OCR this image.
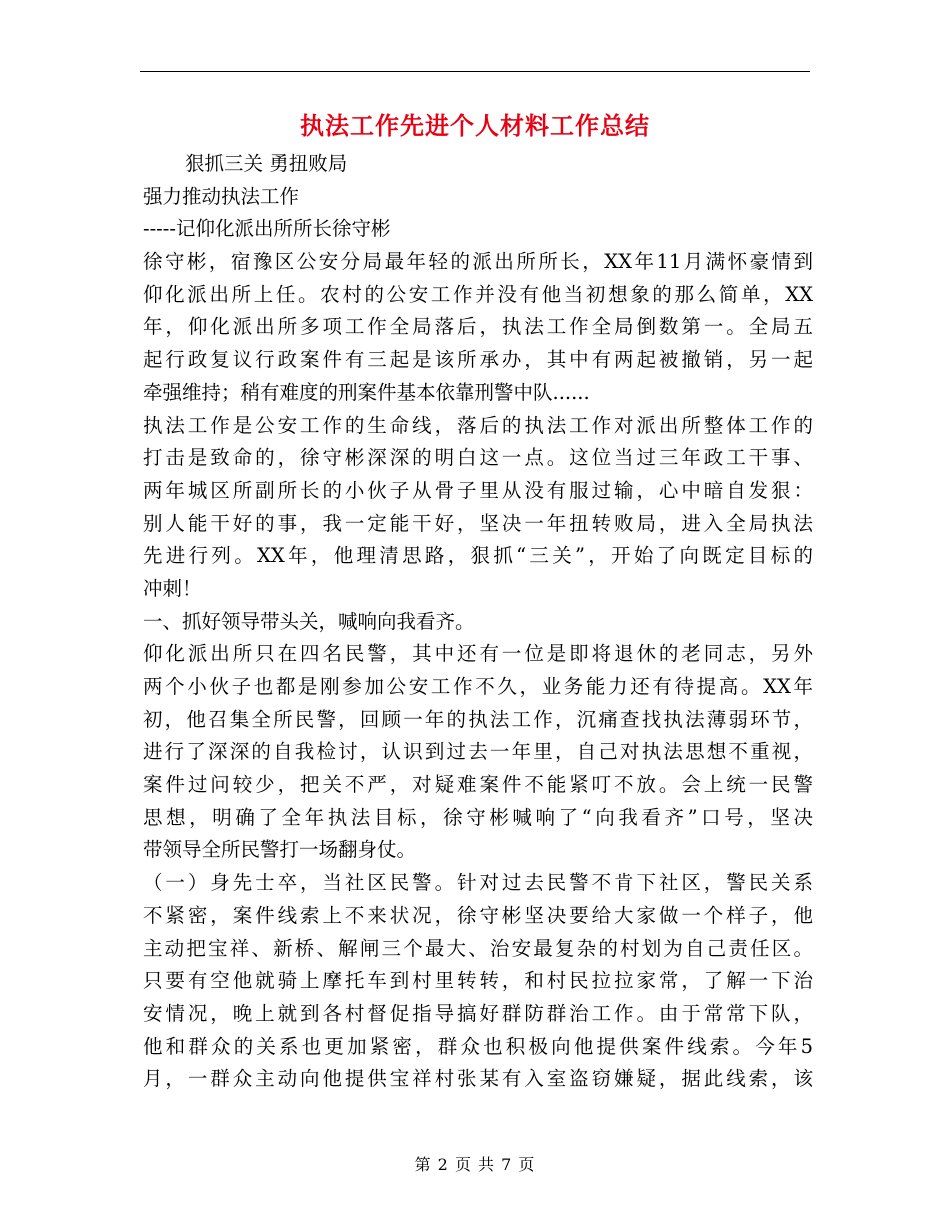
执法工作先进个人材料工作总结
狠抓三关 勇扭败局
强力推动执法工作
-----记仰化派出所所长徐守彬
徐守彬，宿豫区公安分局最年轻的派出所所长，XX年11月满怀豪情到
仰化派出所上任。农村的公安工作并没有他当初想象的那么简单，XX
年，仰化派出所多项工作全局落后，执法工作全局倒数第一。全局五
起行政复议行政案件有三起是该所承办，其中有两起被撤销，另一起
牵强维持；稍有难度的刑案件基本依靠刑警中队......
执法工作是公安工作的生命线，落后的执法工作对派出所整体工作的
打击是致命的，徐守彬深深的明白这一点。这位当过三年政工干事、
两年城区所副所长的小伙子从骨子里从没有服过输，心中暗自发狠：
别人能干好的事，我一定能干好，坚决一年扭转败局，进入全局执法
先进行列。XX年，他理清思路，狠抓“三关”，开始了向既定目标的
冲刺！
一、抓好领导带头关，喊响向我看齐。
仰化派出所只在四名民警，其中还有一位是即将退休的老同志，另外
两个小伙子也都是刚参加公安工作不久，业务能力还有待提高。XX年
初，他召集全所民警，回顾一年的执法工作，沉痛查找执法薄弱环节，
进行了深深的自我检讨，认识到过去一年里，自己对执法思想不重视，
案件过问较少，把关不严，对疑难案件不能紧叮不放。会上统一民警
思想，明确了全年执法目标，徐守彬喊响了“向我看齐”口号，坚决
带领导全所民警打一场翻身仗。
（一）身先士卒，当社区民警。针对过去民警不肯下社区，警民关系
不紧密，案件线索上不来状况，徐守彬坚决要给大家做一个样子，他
主动把宝祥、新桥、解闸三个最大、治安最复杂的村划为自己责任区。
只要有空他就骑上摩托车到村里转转，和村民拉拉家常，了解一下治
安情况，晚上就到各村督促指导搞好群防群治工作。由于常常下队，
他和群众的关系也更加紧密，群众也积极向他提供案件线索。今年5
月，一群众主动向他提供宝祥村张某有入室盗窃嫌疑，据此线索，该
第 2 页 共 7 页
